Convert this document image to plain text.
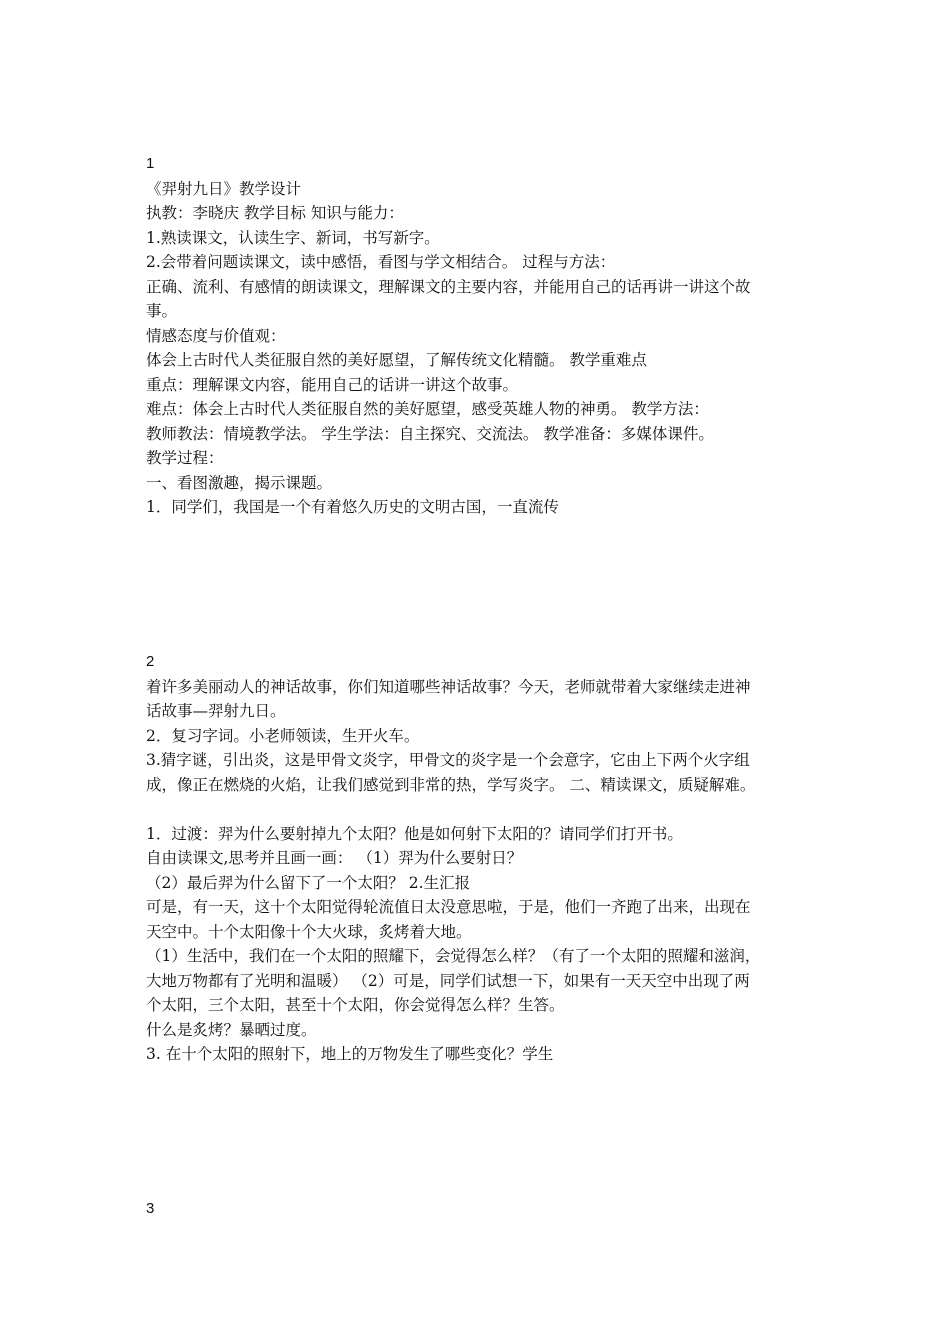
1
《羿射九日》教学设计
执教：李晓庆 教学目标 知识与能力：
1.熟读课文，认读生字、新词，书写新字。
2.会带着问题读课文，读中感悟，看图与学文相结合。 过程与方法：
正确、流利、有感情的朗读课文，理解课文的主要内容，并能用自己的话再讲一讲这个故
事。
情感态度与价值观：
体会上古时代人类征服自然的美好愿望，了解传统文化精髓。 教学重难点
重点：理解课文内容，能用自己的话讲一讲这个故事。
难点：体会上古时代人类征服自然的美好愿望，感受英雄人物的神勇。 教学方法：
教师教法：情境教学法。 学生学法：自主探究、交流法。 教学准备：多媒体课件。
教学过程：
一、看图激趣，揭示课题。
1．同学们，我国是一个有着悠久历史的文明古国，一直流传
2
着许多美丽动人的神话故事，你们知道哪些神话故事？今天，老师就带着大家继续走进神
话故事—羿射九日。
2．复习字词。小老师领读，生开火车。
3.猜字谜，引出炎，这是甲骨文炎字，甲骨文的炎字是一个会意字，它由上下两个火字组
成，像正在燃烧的火焰，让我们感觉到非常的热，学写炎字。 二、精读课文，质疑解难。
1．过渡：羿为什么要射掉九个太阳？他是如何射下太阳的？请同学们打开书。
自由读课文,思考并且画一画： （1）羿为什么要射日？
（2）最后羿为什么留下了一个太阳？ 2.生汇报
可是，有一天，这十个太阳觉得轮流值日太没意思啦，于是，他们一齐跑了出来，出现在
天空中。十个太阳像十个大火球，炙烤着大地。
（1）生活中，我们在一个太阳的照耀下，会觉得怎么样？（有了一个太阳的照耀和滋润，
大地万物都有了光明和温暖） （2）可是，同学们试想一下，如果有一天天空中出现了两
个太阳，三个太阳，甚至十个太阳，你会觉得怎么样？生答。
什么是炙烤？暴晒过度。
3. 在十个太阳的照射下，地上的万物发生了哪些变化？学生
3
